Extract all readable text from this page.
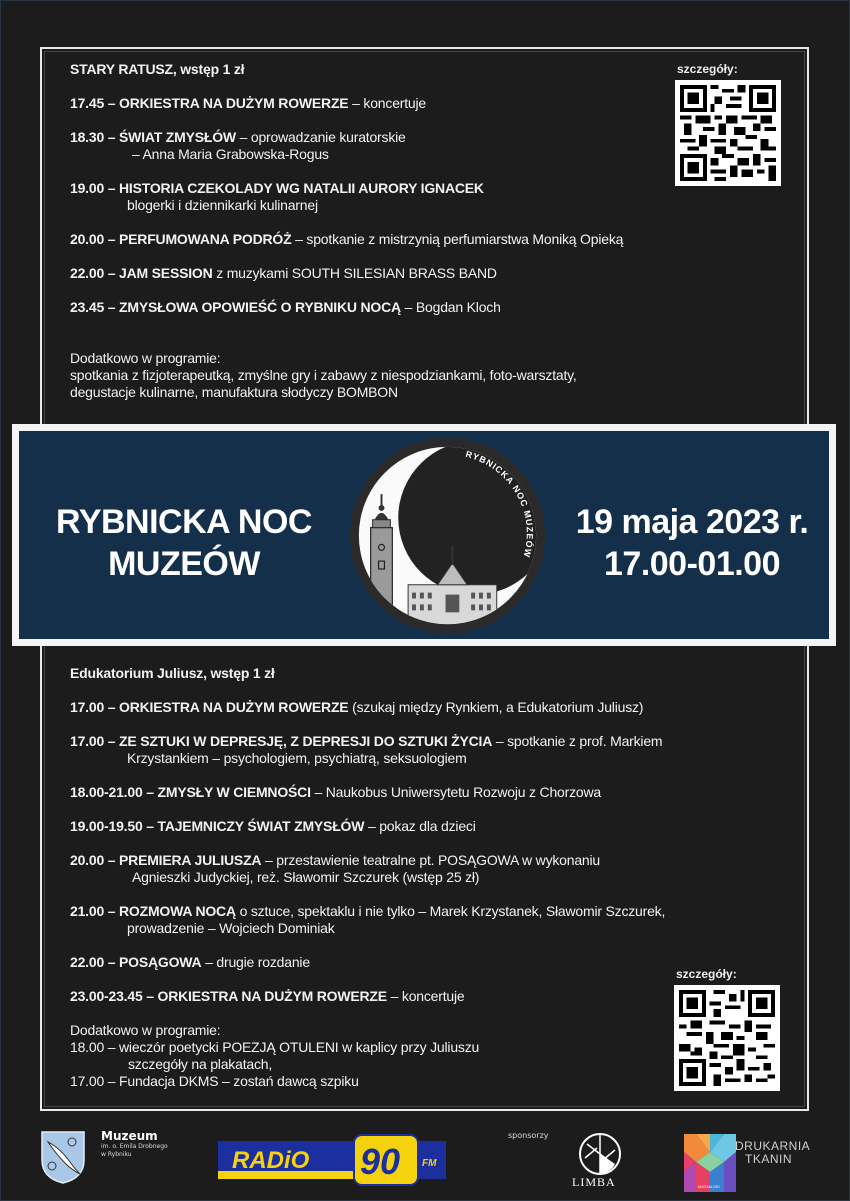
STARY RATUSZ, wstęp 1 zł
17.45 – ORKIESTRA NA DUŻYM ROWERZE – koncertuje
18.30 – ŚWIAT ZMYSŁÓW – oprowadzanie kuratorskie
– Anna Maria Grabowska-Rogus
19.00 – HISTORIA CZEKOLADY WG NATALII AURORY IGNACEK
blogerki i dziennikarki kulinarnej
20.00 – PERFUMOWANA PODRÓŻ – spotkanie z mistrzynią perfumiarstwa Moniką Opieką
22.00 – JAM SESSION z muzykami SOUTH SILESIAN BRASS BAND
23.45 – ZMYSŁOWA OPOWIEŚĆ O RYBNIKU NOCĄ – Bogdan Kloch
Dodatkowo w programie:
spotkania z fizjoterapeutką, zmyślne gry i zabawy z niespodziankami, foto-warsztaty,
degustacje kulinarne, manufaktura słodyczy BOMBON
szczegóły:
RYBNICKA NOC
MUZEÓW
RYBNICKA NOC MUZEÓW
19 maja 2023 r.
17.00-01.00
Edukatorium Juliusz, wstęp 1 zł
17.00 – ORKIESTRA NA DUŻYM ROWERZE (szukaj między Rynkiem, a Edukatorium Juliusz)
17.00 – ZE SZTUKI W DEPRESJĘ, Z DEPRESJI DO SZTUKI ŻYCIA – spotkanie z prof. Markiem
Krzystankiem – psychologiem, psychiatrą, seksuologiem
18.00-21.00 – ZMYSŁY W CIEMNOŚCI – Naukobus Uniwersytetu Rozwoju z Chorzowa
19.00-19.50 – TAJEMNICZY ŚWIAT ZMYSŁÓW – pokaz dla dzieci
20.00 – PREMIERA JULIUSZA – przestawienie teatralne pt. POSĄGOWA w wykonaniu
Agnieszki Judyckiej, reż. Sławomir Szczurek (wstęp 25 zł)
21.00 – ROZMOWA NOCĄ o sztuce, spektaklu i nie tylko – Marek Krzystanek, Sławomir Szczurek,
prowadzenie – Wojciech Dominiak
22.00 – POSĄGOWA – drugie rozdanie
23.00-23.45 – ORKIESTRA NA DUŻYM ROWERZE – koncertuje
Dodatkowo w programie:
18.00 – wieczór poetycki POEZJĄ OTULENI w kaplicy przy Juliuszu
szczegóły na plakatach,
17.00 – Fundacja DKMS – zostań dawcą szpiku
szczegóły:
Muzeum
im. o. Emila Drobnego
w Rybniku	RADiO 90 FM
sponsorzy
LIMBA	MICHALSKI
DRUKARNIA
TKANIN
